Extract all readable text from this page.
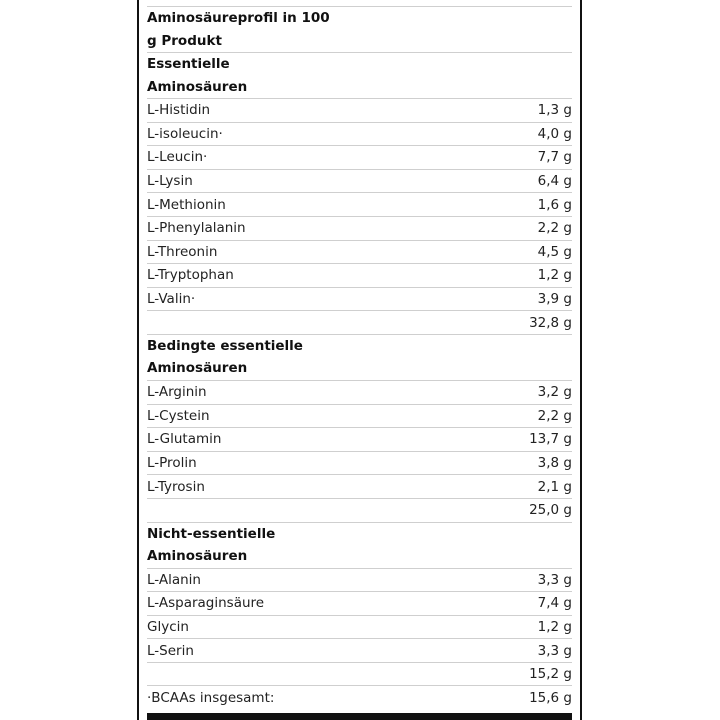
Aminosäureprofil in 100
g Produkt
Essentielle
Aminosäuren
L-Histidin	1,3 g
L-isoleucin·	4,0 g
L-Leucin·	7,7 g
L-Lysin	6,4 g
L-Methionin	1,6 g
L-Phenylalanin	2,2 g
L-Threonin	4,5 g
L-Tryptophan	1,2 g
L-Valin·	3,9 g
32,8 g
Bedingte essentielle
Aminosäuren
L-Arginin	3,2 g
L-Cystein	2,2 g
L-Glutamin	13,7 g
L-Prolin	3,8 g
L-Tyrosin	2,1 g
25,0 g
Nicht-essentielle
Aminosäuren
L-Alanin	3,3 g
L-Asparaginsäure	7,4 g
Glycin	1,2 g
L-Serin	3,3 g
15,2 g
·BCAAs insgesamt:	15,6 g
